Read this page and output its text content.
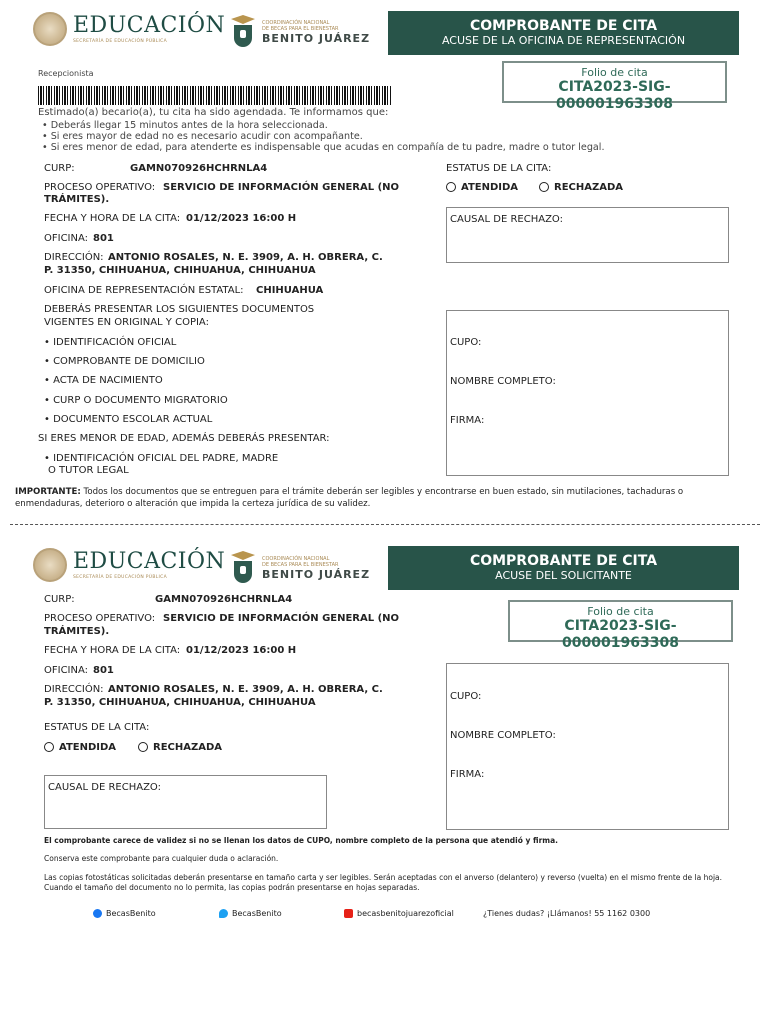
EDUCACIÓN
SECRETARÍA DE EDUCACIÓN PÚBLICA
COORDINACIÓN NACIONAL
DE BECAS PARA EL BIENESTAR
BENITO JUÁREZ
COMPROBANTE DE CITA
ACUSE DE LA OFICINA DE REPRESENTACIÓN
Folio de cita
CITA2023-SIG-000001963308
Recepcionista
Estimado(a) becario(a), tu cita ha sido agendada. Te informamos que:
• Deberás llegar 15 minutos antes de la hora seleccionada.
• Si eres mayor de edad no es necesario acudir con acompañante.
• Si eres menor de edad, para atenderte es indispensable que acudas en compañía de tu padre, madre o tutor legal.
CURP:	GAMN070926HCHRNLA4
PROCESO OPERATIVO: SERVICIO DE INFORMACIÓN GENERAL (NO
TRÁMITES).
FECHA Y HORA DE LA CITA: 01/12/2023 16:00 H
OFICINA: 801
DIRECCIÓN: ANTONIO ROSALES, N. E. 3909, A. H. OBRERA, C.
P. 31350, CHIHUAHUA, CHIHUAHUA, CHIHUAHUA
OFICINA DE REPRESENTACIÓN ESTATAL: CHIHUAHUA
DEBERÁS PRESENTAR LOS SIGUIENTES DOCUMENTOS
VIGENTES EN ORIGINAL Y COPIA:
• IDENTIFICACIÓN OFICIAL
• COMPROBANTE DE DOMICILIO
• ACTA DE NACIMIENTO
• CURP O DOCUMENTO MIGRATORIO
• DOCUMENTO ESCOLAR ACTUAL
SI ERES MENOR DE EDAD, ADEMÁS DEBERÁS PRESENTAR:
• IDENTIFICACIÓN OFICIAL DEL PADRE, MADRE
O TUTOR LEGAL
ESTATUS DE LA CITA:
ATENDIDA	RECHAZADA
CAUSAL DE RECHAZO:
CUPO:
NOMBRE COMPLETO:
FIRMA:
IMPORTANTE: Todos los documentos que se entreguen para el trámite deberán ser legibles y encontrarse en buen estado, sin mutilaciones, tachaduras o
enmendaduras, deterioro o alteración que impida la certeza jurídica de su validez.
EDUCACIÓN
SECRETARÍA DE EDUCACIÓN PÚBLICA
COORDINACIÓN NACIONAL
DE BECAS PARA EL BIENESTAR
BENITO JUÁREZ
COMPROBANTE DE CITA
ACUSE DEL SOLICITANTE
Folio de cita
CITA2023-SIG-000001963308
CURP:	GAMN070926HCHRNLA4
PROCESO OPERATIVO: SERVICIO DE INFORMACIÓN GENERAL (NO
TRÁMITES).
FECHA Y HORA DE LA CITA: 01/12/2023 16:00 H
OFICINA: 801
DIRECCIÓN: ANTONIO ROSALES, N. E. 3909, A. H. OBRERA, C.
P. 31350, CHIHUAHUA, CHIHUAHUA, CHIHUAHUA
ESTATUS DE LA CITA:
ATENDIDA	RECHAZADA
CAUSAL DE RECHAZO:
CUPO:
NOMBRE COMPLETO:
FIRMA:
El comprobante carece de validez si no se llenan los datos de CUPO, nombre completo de la persona que atendió y firma.
Conserva este comprobante para cualquier duda o aclaración.
Las copias fotostáticas solicitadas deberán presentarse en tamaño carta y ser legibles. Serán aceptadas con el anverso (delantero) y reverso (vuelta) en el mismo frente de la hoja.
Cuando el tamaño del documento no lo permita, las copias podrán presentarse en hojas separadas.
BecasBenito	BecasBenito	becasbenitojuarezoficial	¿Tienes dudas? ¡Llámanos! 55 1162 0300
